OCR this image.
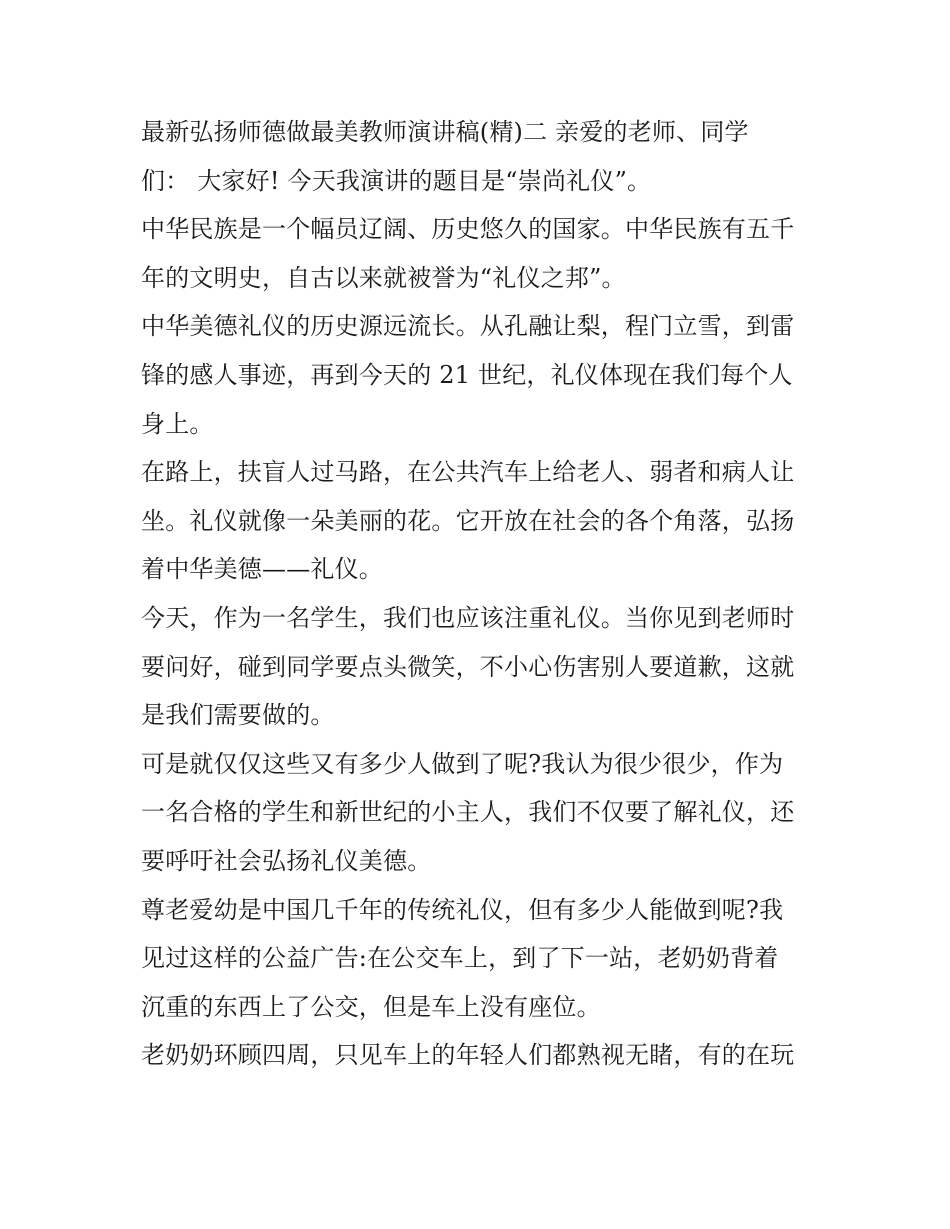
最新弘扬师德做最美教师演讲稿(精)二 亲爱的老师、同学
们： 大家好! 今天我演讲的题目是“崇尚礼仪”。
中华民族是一个幅员辽阔、历史悠久的国家。中华民族有五千
年的文明史，自古以来就被誉为“礼仪之邦”。
中华美德礼仪的历史源远流长。从孔融让梨，程门立雪，到雷
锋的感人事迹，再到今天的 21 世纪，礼仪体现在我们每个人
身上。
在路上，扶盲人过马路，在公共汽车上给老人、弱者和病人让
坐。礼仪就像一朵美丽的花。它开放在社会的各个角落，弘扬
着中华美德——礼仪。
今天，作为一名学生，我们也应该注重礼仪。当你见到老师时
要问好，碰到同学要点头微笑，不小心伤害别人要道歉，这就
是我们需要做的。
可是就仅仅这些又有多少人做到了呢?我认为很少很少，作为
一名合格的学生和新世纪的小主人，我们不仅要了解礼仪，还
要呼吁社会弘扬礼仪美德。
尊老爱幼是中国几千年的传统礼仪，但有多少人能做到呢?我
见过这样的公益广告:在公交车上，到了下一站，老奶奶背着
沉重的东西上了公交，但是车上没有座位。
老奶奶环顾四周，只见车上的年轻人们都熟视无睹，有的在玩
